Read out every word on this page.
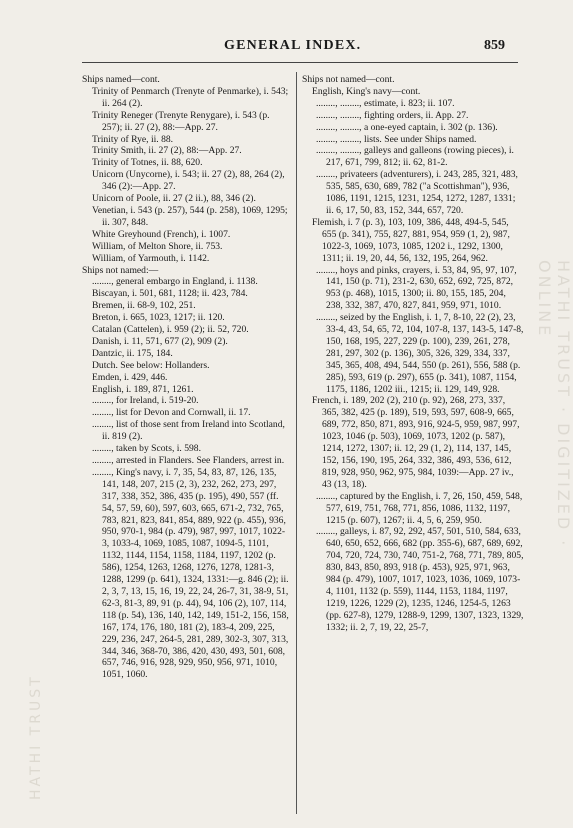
GENERAL INDEX.	859

Ships named—cont.

Trinity of Penmarch (Trenyte of Penmarke), i. 543; ii. 264 (2).

Trinity Reneger (Trenyte Renygare), i. 543 (p. 257); ii. 27 (2), 88:—App. 27.

Trinity of Rye, ii. 88.

Trinity Smith, ii. 27 (2), 88:—App. 27.

Trinity of Totnes, ii. 88, 620.

Unicorn (Unycorne), i. 543; ii. 27 (2), 88, 264 (2), 346 (2):—App. 27.

Unicorn of Poole, ii. 27 (2 ii.), 88, 346 (2).

Venetian, i. 543 (p. 257), 544 (p. 258), 1069, 1295; ii. 307, 848.

White Greyhound (French), i. 1007.

William, of Melton Shore, ii. 753.

William, of Yarmouth, i. 1142.

Ships not named:—

........, general embargo in England, i. 1138.

Biscayan, i. 501, 681, 1128; ii. 423, 784.

Bremen, ii. 68-9, 102, 251.

Breton, i. 665, 1023, 1217; ii. 120.

Catalan (Cattelen), i. 959 (2); ii. 52, 720.

Danish, i. 11, 571, 677 (2), 909 (2).

Dantzic, ii. 175, 184.

Dutch. See below: Hollanders.

Emden, i. 429, 446.

English, i. 189, 871, 1261.

........, for Ireland, i. 519-20.

........, list for Devon and Cornwall, ii. 17.

........, list of those sent from Ireland into Scotland, ii. 819 (2).

........, taken by Scots, i. 598.

........, arrested in Flanders. See Flanders, arrest in.

........, King's navy, i. 7, 35, 54, 83, 87, 126, 135, 141, 148, 207, 215 (2, 3), 232, 262, 273, 297, 317, 338, 352, 386, 435 (p. 195), 490, 557 (ff. 54, 57, 59, 60), 597, 603, 665, 671-2, 732, 765, 783, 821, 823, 841, 854, 889, 922 (p. 455), 936, 950, 970-1, 984 (p. 479), 987, 997, 1017, 1022-3, 1033-4, 1069, 1085, 1087, 1094-5, 1101, 1132, 1144, 1154, 1158, 1184, 1197, 1202 (p. 586), 1254, 1263, 1268, 1276, 1278, 1281-3, 1288, 1299 (p. 641), 1324, 1331:—g. 846 (2); ii. 2, 3, 7, 13, 15, 16, 19, 22, 24, 26-7, 31, 38-9, 51, 62-3, 81-3, 89, 91 (p. 44), 94, 106 (2), 107, 114, 118 (p. 54), 136, 140, 142, 149, 151-2, 156, 158, 167, 174, 176, 180, 181 (2), 183-4, 209, 225, 229, 236, 247, 264-5, 281, 289, 302-3, 307, 313, 344, 346, 368-70, 386, 420, 430, 493, 501, 608, 657, 746, 916, 928, 929, 950, 956, 971, 1010, 1051, 1060.

Ships not named—cont.

English, King's navy—cont.

........, ........, estimate, i. 823; ii. 107.

........, ........, fighting orders, ii. App. 27.

........, ........, a one-eyed captain, i. 302 (p. 136).

........, ........, lists. See under Ships named.

........, ........, galleys and galleons (rowing pieces), i. 217, 671, 799, 812; ii. 62, 81-2.

........, privateers (adventurers), i. 243, 285, 321, 483, 535, 585, 630, 689, 782 ("a Scottishman"), 936, 1086, 1191, 1215, 1231, 1254, 1272, 1287, 1331; ii. 6, 17, 50, 83, 152, 344, 657, 720.

Flemish, i. 7 (p. 3), 103, 109, 386, 448, 494-5, 545, 655 (p. 341), 755, 827, 881, 954, 959 (1, 2), 987, 1022-3, 1069, 1073, 1085, 1202 i., 1292, 1300, 1311; ii. 19, 20, 44, 56, 132, 195, 264, 962.

........, hoys and pinks, crayers, i. 53, 84, 95, 97, 107, 141, 150 (p. 71), 231-2, 630, 652, 692, 725, 872, 953 (p. 468), 1015, 1300; ii. 80, 155, 185, 204, 238, 332, 387, 470, 827, 841, 959, 971, 1010.

........, seized by the English, i. 1, 7, 8-10, 22 (2), 23, 33-4, 43, 54, 65, 72, 104, 107-8, 137, 143-5, 147-8, 150, 168, 195, 227, 229 (p. 100), 239, 261, 278, 281, 297, 302 (p. 136), 305, 326, 329, 334, 337, 345, 365, 408, 494, 544, 550 (p. 261), 556, 588 (p. 285), 593, 619 (p. 297), 655 (p. 341), 1087, 1154, 1175, 1186, 1202 iii., 1215; ii. 129, 149, 928.

French, i. 189, 202 (2), 210 (p. 92), 268, 273, 337, 365, 382, 425 (p. 189), 519, 593, 597, 608-9, 665, 689, 772, 850, 871, 893, 916, 924-5, 959, 987, 997, 1023, 1046 (p. 503), 1069, 1073, 1202 (p. 587), 1214, 1272, 1307; ii. 12, 29 (1, 2), 114, 137, 145, 152, 156, 190, 195, 264, 332, 386, 493, 536, 612, 819, 928, 950, 962, 975, 984, 1039:—App. 27 iv., 43 (13, 18).

........, captured by the English, i. 7, 26, 150, 459, 548, 577, 619, 751, 768, 771, 856, 1086, 1132, 1197, 1215 (p. 607), 1267; ii. 4, 5, 6, 259, 950.

........, galleys, i. 87, 92, 292, 457, 501, 510, 584, 633, 640, 650, 652, 666, 682 (pp. 355-6), 687, 689, 692, 704, 720, 724, 730, 740, 751-2, 768, 771, 789, 805, 830, 843, 850, 893, 918 (p. 453), 925, 971, 963, 984 (p. 479), 1007, 1017, 1023, 1036, 1069, 1073-4, 1101, 1132 (p. 559), 1144, 1153, 1184, 1197, 1219, 1226, 1229 (2), 1235, 1246, 1254-5, 1263 (pp. 627-8), 1279, 1288-9, 1299, 1307, 1323, 1329, 1332; ii. 2, 7, 19, 22, 25-7,

HATHI TRUST · DIGITIZED · ONLINE
HATHI TRUST
